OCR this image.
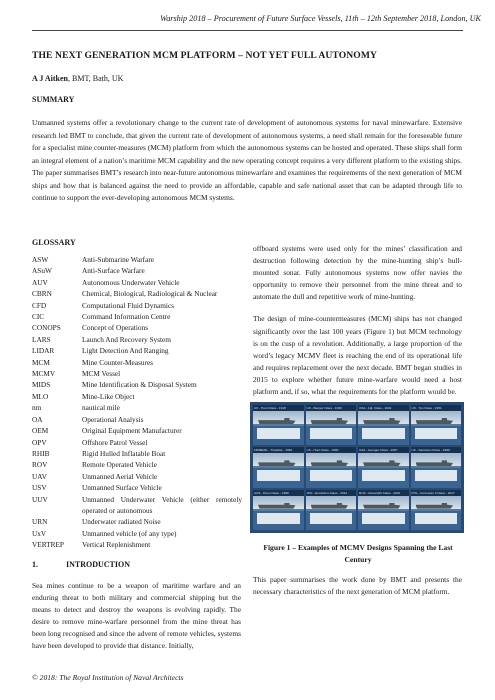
Warship 2018 – Procurement of Future Surface Vessels, 11th – 12th September 2018, London, UK
THE NEXT GENERATION MCM PLATFORM – NOT YET FULL AUTONOMY
A J Aitken, BMT, Bath, UK
SUMMARY

Unmanned systems offer a revolutionary change to the current rate of development of autonomous systems for naval minewarfare. Extensive research led BMT to conclude, that given the current rate of development of autonomous systems, a need shall remain for the foreseeable future for a specialist mine counter-measures (MCM) platform from which the autonomous systems can be hosted and operated. These ships shall form an integral element of a nation’s maritime MCM capability and the new operating concept requires a very different platform to the existing ships. The paper summarises BMT’s research into near-future autonomous minewarfare and examines the requirements of the next generation of MCM ships and how that is balanced against the need to provide an affordable, capable and safe national asset that can be adapted through life to continue to support the ever-developing autonomous MCM systems.

GLOSSARY
ASW	Anti-Submarine Warfare
ASuW	Anti-Surface Warfare
AUV	Autonomous Underwater Vehicle
CBRN	Chemical, Biological, Radiological & Nuclear
CFD	Computational Fluid Dynamics
CIC	Command Information Centre
CONOPS	Concept of Operations
LARS	Launch And Recovery System
LIDAR	Light Detection And Ranging
MCM	Mine Counter-Measures
MCMV	MCM Vessel
MIDS	Mine Identification & Disposal System
MLO	Mine-Like Object
nm	nautical mile
OA	Operational Analysis
OEM	Original Equipment Manufacturer
OPV	Offshore Patrol Vessel
RHIB	Rigid Hulled Inflatable Boat
ROV	Remote Operated Vehicle
UAV	Unmanned Aerial Vehicle
USV	Unmanned Surface Vehicle
UUV	Unmanned Underwater Vehicle (either remotely operated or autonomous
URN	Underwater radiated Noise
UxV	Unmanned vehicle (of any type)
VERTREP	Vertical Replenishment
1.	INTRODUCTION

Sea mines continue to be a weapon of maritime warfare and an enduring threat to both military and commercial shipping but the means to detect and destroy the weapons is evolving rapidly. The desire to remove mine-warfare personnel from the mine threat has been long recognised and since the advent of remote vehicles, systems have been developed to provide that distance. Initially,

offboard systems were used only for the mines’ classification and destruction following detection by the mine-hunting ship’s hull-mounted sonar. Fully autonomous systems now offer navies the opportunity to remove their personnel from the mine threat and to automate the dull and repetitive work of mine-hunting.

The design of mine-countermeasures (MCM) ships has not changed significantly over the last 100 years (Figure 1) but MCM technology is on the cusp of a revolution. Additionally, a large proportion of the word’s legacy MCMV fleet is reaching the end of its operational life and requires replacement over the next decade. BMT began studies in 2015 to explore whether future mine-warfare would need a host platform and, if so, what the requirements for the platform would be.

UK - Hunt Class - 1918	UK - Bangor Class - 1940	USA - Adj. Class - 1942	UK - Ton Class - 1951
FR/BE/NL - Tripartite - 1981	UK - Hunt Class - 1980	USA - Avenger Class - 1987	UK - Sandown Class - 1989
AUS - Huon Class - 1999	JPN - Enoshima Class - 2012	RUS - Alexandrit Class - 2016	POL - Kormoran II Class - 2017
Figure 1 – Examples of MCMV Designs Spanning the Last Century

This paper summarises the work done by BMT and presents the necessary characteristics of the next generation of MCM platform.

© 2018: The Royal Institution of Naval Architects
